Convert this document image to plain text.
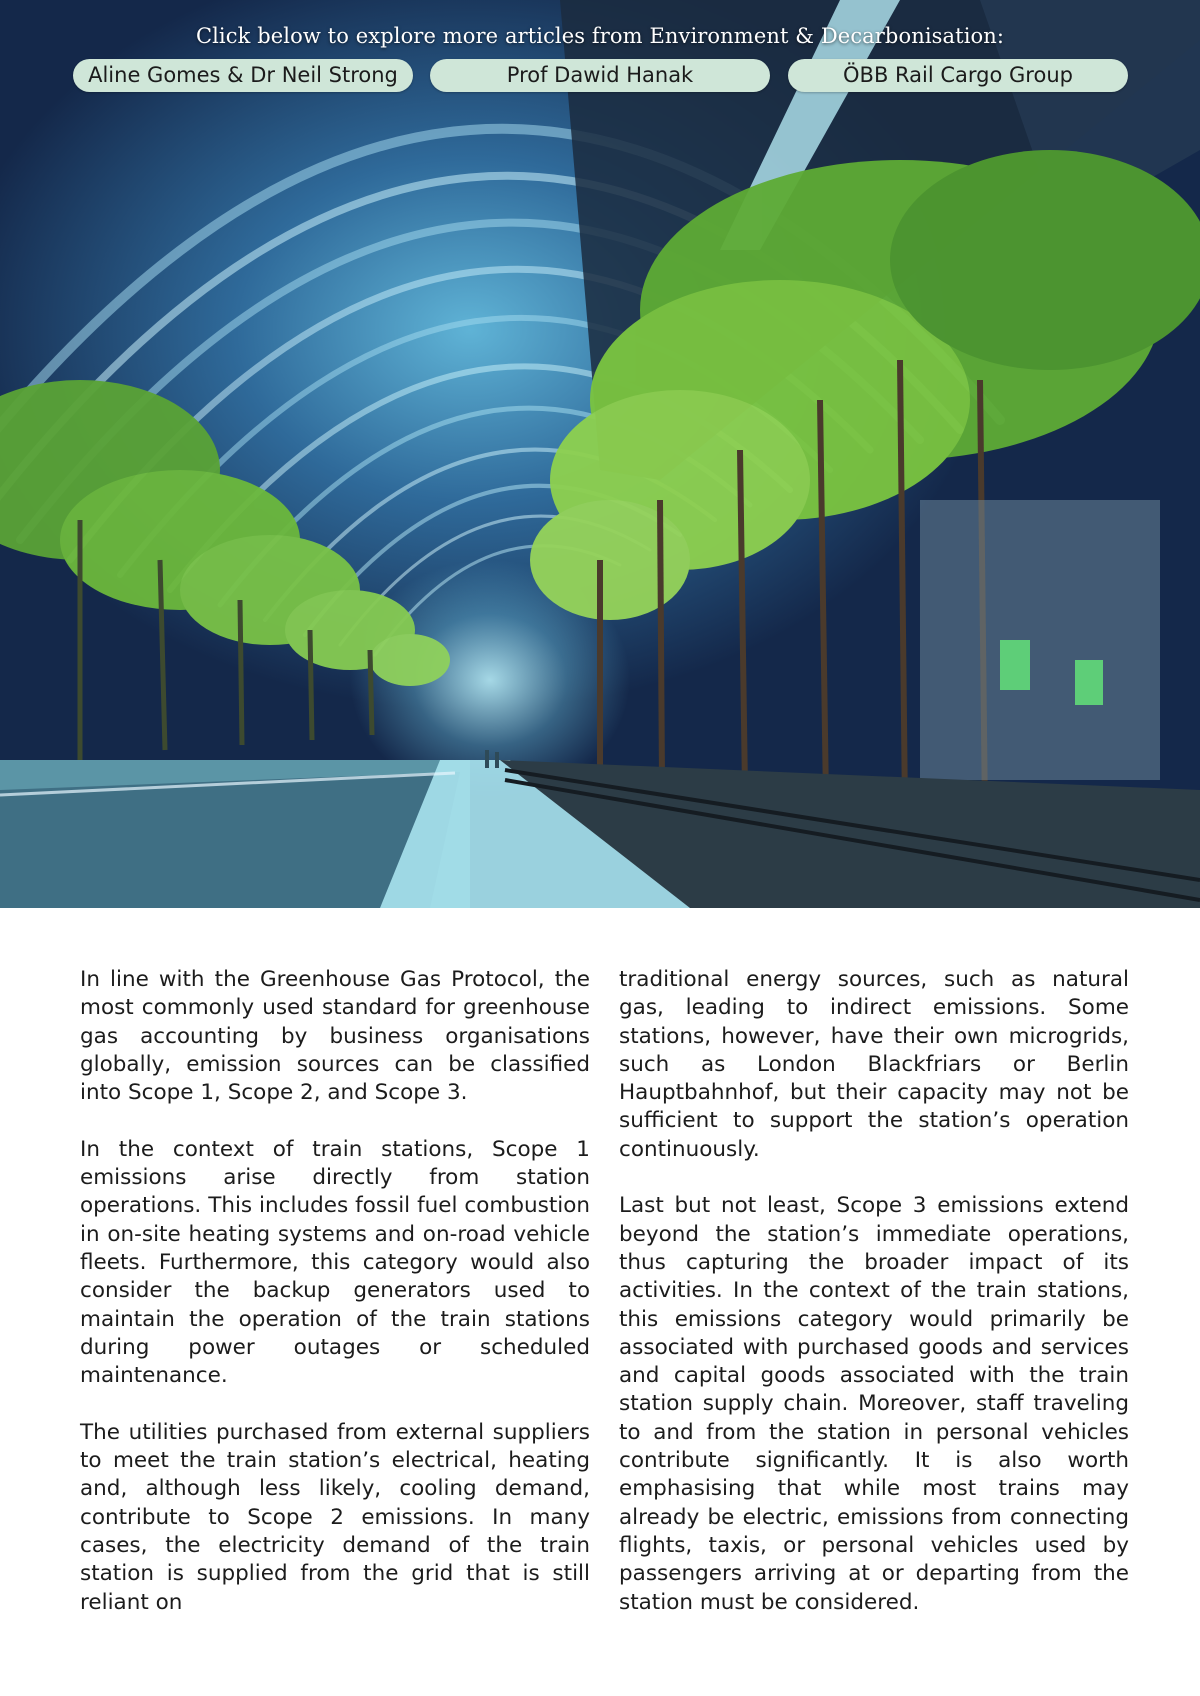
Click below to explore more articles from Environment & Decarbonisation:
Aline Gomes & Dr Neil Strong	Prof Dawid Hanak	ÖBB Rail Cargo Group

In line with the Greenhouse Gas Protocol, the most commonly used standard for greenhouse gas accounting by business organisations globally, emission sources can be classified into Scope 1, Scope 2, and Scope 3.

In the context of train stations, Scope 1 emissions arise directly from station operations. This includes fossil fuel combustion in on-site heating systems and on-road vehicle fleets. Furthermore, this category would also consider the backup generators used to maintain the operation of the train stations during power outages or scheduled maintenance.

The utilities purchased from external suppliers to meet the train station’s electrical, heating and, although less likely, cooling demand, contribute to Scope 2 emissions. In many cases, the electricity demand of the train station is supplied from the grid that is still reliant on

traditional energy sources, such as natural gas, leading to indirect emissions. Some stations, however, have their own microgrids, such as London Blackfriars or Berlin Hauptbahnhof, but their capacity may not be sufficient to support the station’s operation continuously.

Last but not least, Scope 3 emissions extend beyond the station’s immediate operations, thus capturing the broader impact of its activities. In the context of the train stations, this emissions category would primarily be associated with purchased goods and services and capital goods associated with the train station supply chain. Moreover, staff traveling to and from the station in personal vehicles contribute significantly. It is also worth emphasising that while most trains may already be electric, emissions from connecting flights, taxis, or personal vehicles used by passengers arriving at or departing from the station must be considered.
